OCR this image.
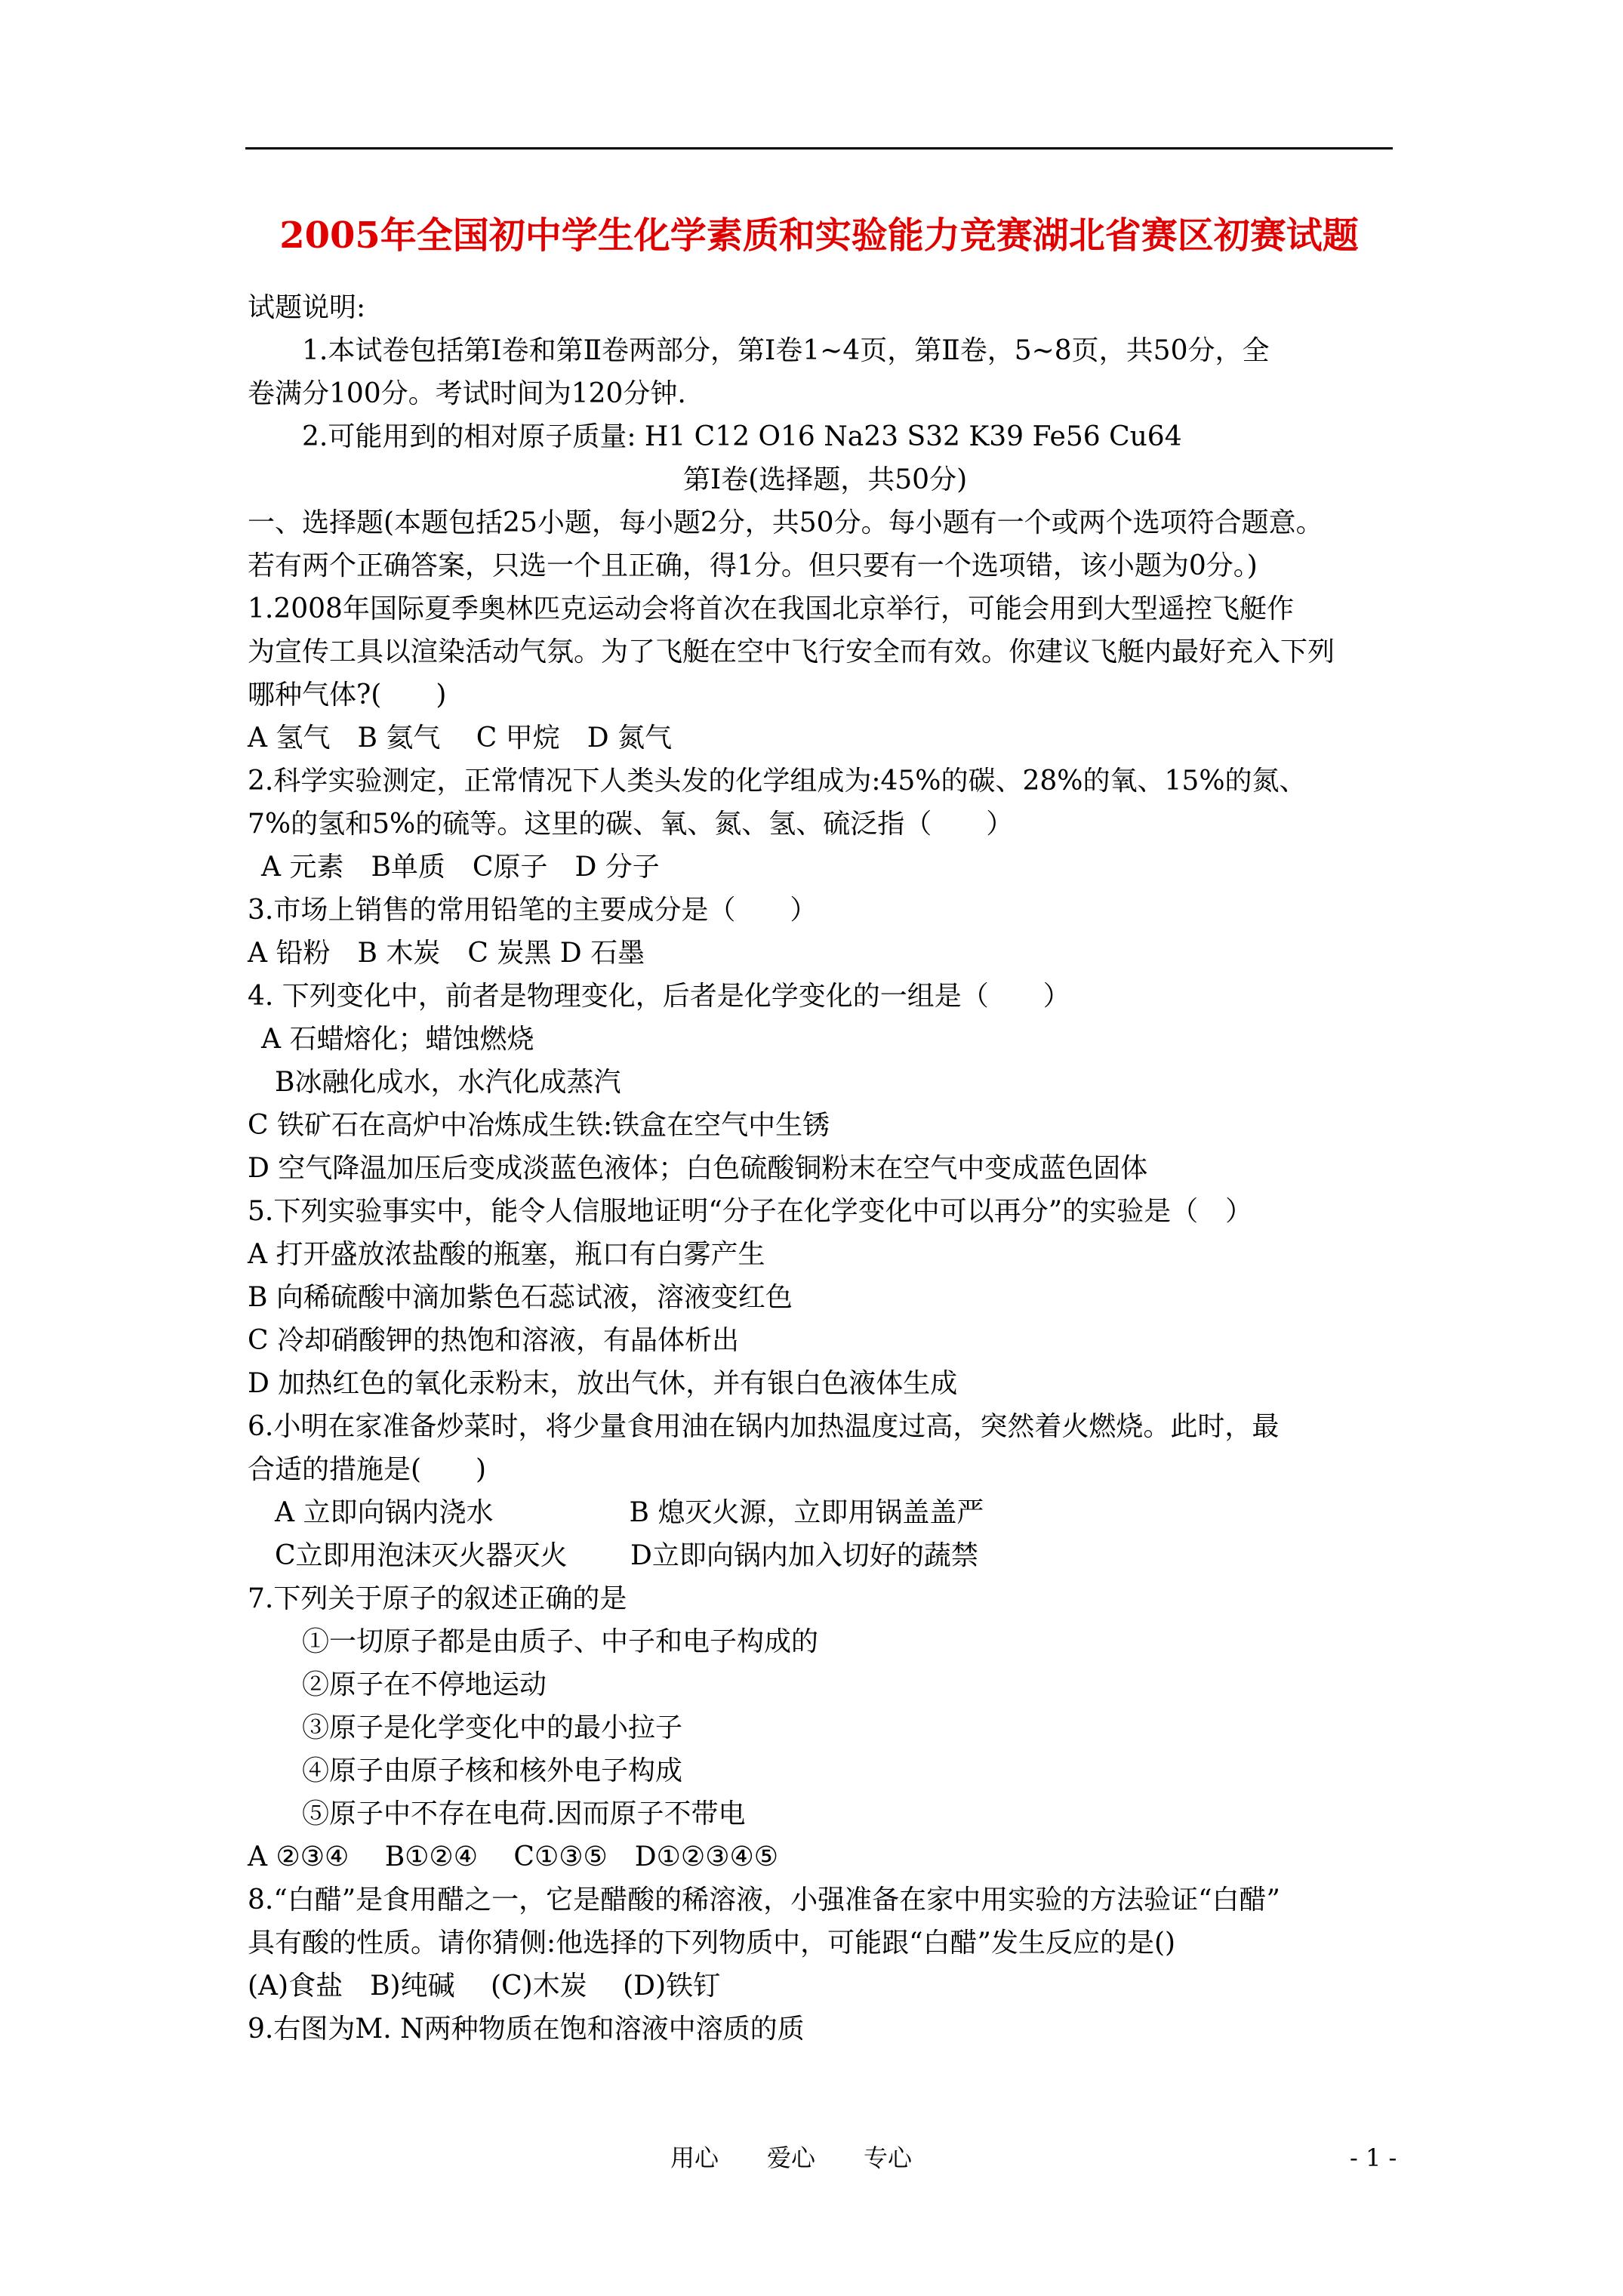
2005年全国初中学生化学素质和实验能力竞赛湖北省赛区初赛试题
试题说明:
1.本试卷包括第Ⅰ卷和第Ⅱ卷两部分，第Ⅰ卷1~4页，第Ⅱ卷，5~8页，共50分，全
卷满分100分。考试时间为120分钟.
2.可能用到的相对原子质量: H1 C12 O16 Na23 S32 K39 Fe56 Cu64
第Ⅰ卷(选择题，共50分)
一、选择题(本题包括25小题，每小题2分，共50分。每小题有一个或两个选项符合题意。
若有两个正确答案，只选一个且正确，得1分。但只要有一个选项错，该小题为0分。)
1.2008年国际夏季奥林匹克运动会将首次在我国北京举行，可能会用到大型遥控飞艇作
为宣传工具以渲染活动气氛。为了飞艇在空中飞行安全而有效。你建议飞艇内最好充入下列
哪种气体?(　　)
A 氢气　B 氦气　 C 甲烷　D 氮气
2.科学实验测定，正常情况下人类头发的化学组成为:45%的碳、28%的氧、15%的氮、
7%的氢和5%的硫等。这里的碳、氧、氮、氢、硫泛指（　　）
A 元素　B单质　C原子　D 分子
3.市场上销售的常用铅笔的主要成分是（　　）
A 铅粉　B 木炭　C 炭黑 D 石墨
4. 下列变化中，前者是物理变化，后者是化学变化的一组是（　　）
A 石蜡熔化；蜡蚀燃烧
B冰融化成水，水汽化成蒸汽
C 铁矿石在高炉中冶炼成生铁:铁盒在空气中生锈
D 空气降温加压后变成淡蓝色液体；白色硫酸铜粉末在空气中变成蓝色固体
5.下列实验事实中，能令人信服地证明“分子在化学变化中可以再分”的实验是（　）
A 打开盛放浓盐酸的瓶塞，瓶口有白雾产生
B 向稀硫酸中滴加紫色石蕊试液，溶液变红色
C 冷却硝酸钾的热饱和溶液，有晶体析出
D 加热红色的氧化汞粉末，放出气休，并有银白色液体生成
6.小明在家准备炒菜时，将少量食用油在锅内加热温度过高，突然着火燃烧。此时，最
合适的措施是(　　)
A 立即向锅内浇水　　　　　B 熄灭火源，立即用锅盖盖严
C立即用泡沫灭火器灭火　　 D立即向锅内加入切好的蔬禁
7.下列关于原子的叙述正确的是
①一切原子都是由质子、中子和电子构成的
②原子在不停地运动
③原子是化学变化中的最小拉子
④原子由原子核和核外电子构成
⑤原子中不存在电荷.因而原子不带电
A ②③④　 B①②④　 C①③⑤　D①②③④⑤
8.“白醋”是食用醋之一，它是醋酸的稀溶液，小强准备在家中用实验的方法验证“白醋”
具有酸的性质。请你猜侧:他选择的下列物质中，可能跟“白醋”发生反应的是()
(A)食盐　B)纯碱　 (C)木炭　 (D)铁钉
9.右图为M. N两种物质在饱和溶液中溶质的质
用心　　爱心　　专心	- 1 -
